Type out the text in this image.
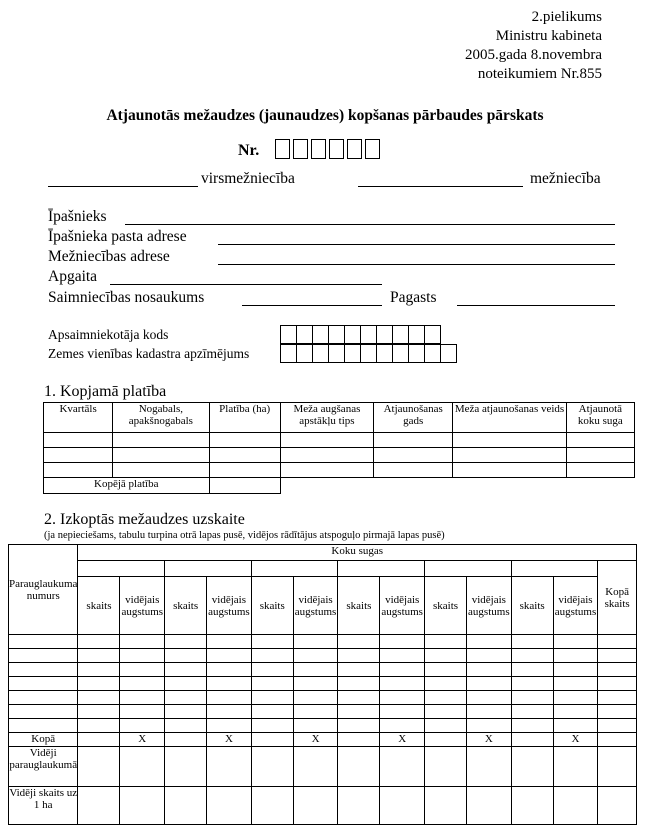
2.pielikums
Ministru kabineta
2005.gada 8.novembra
noteikumiem Nr.855
Atjaunotās mežaudzes (jaunaudzes) kopšanas pārbaudes pārskats
Nr.
virsmežniecība	mežniecība
Īpašnieks
Īpašnieka pasta adrese
Mežniecības adrese
Apgaita
Saimniecības nosaukums	Pagasts
Apsaimniekotāja kods
Zemes vienības kadastra apzīmējums
1. Kopjamā platība
Kvartāls	Nogabals, apakšnogabals	Platība (ha)	Meža augšanas apstākļu tips	Atjaunošanas gads	Meža atjaunošanas veids	Atjaunotā koku suga

Kopējā platība						
2. Izkoptās mežaudzes uzskaite
(ja nepieciešams, tabulu turpina otrā lapas pusē, vidējos rādītājus atspoguļo pirmajā lapas pusē)
Parauglaukuma numurs	Koku sugas												
													Kopā skaits
	skaits	vidējais augstums	skaits	vidējais augstums	skaits	vidējais augstums	skaits	vidējais augstums	skaits	vidējais augstums	skaits	vidējais augstums	

Kopā		X		X		X		X		X		X	
Vidēji parauglaukumā													
Vidēji skaits uz 1 ha													
